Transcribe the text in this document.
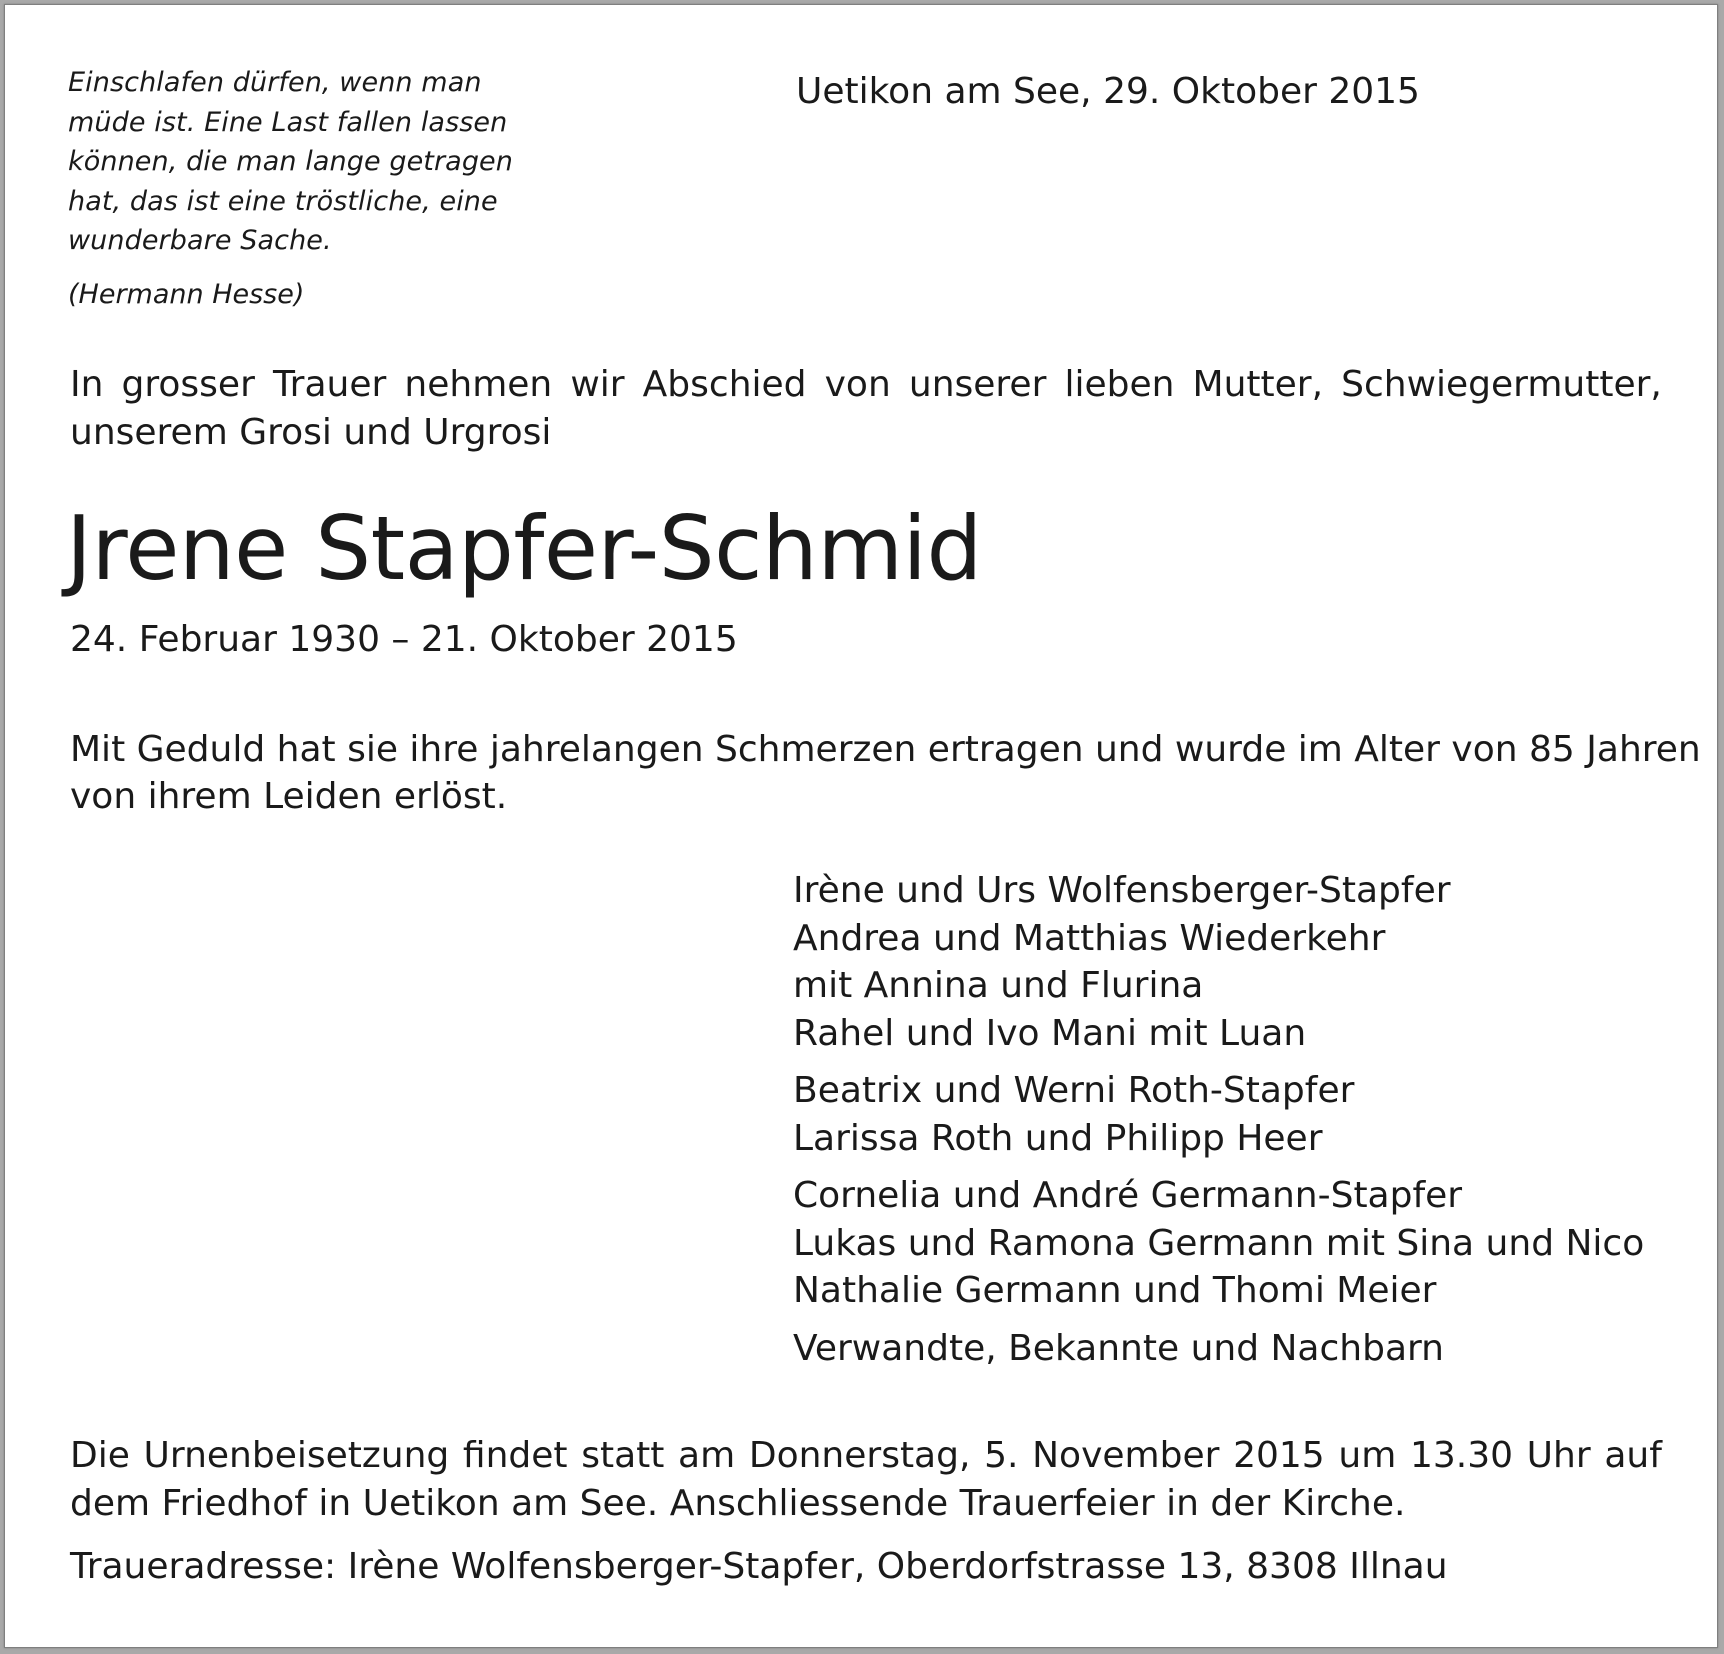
Einschlafen dürfen, wenn man
müde ist. Eine Last fallen lassen
können, die man lange getragen
hat, das ist eine tröstliche, eine
wunderbare Sache.
(Hermann Hesse)
Uetikon am See, 29. Oktober 2015
In grosser Trauer nehmen wir Abschied von unserer lieben Mutter, Schwiegermutter,
unserem Grosi und Urgrosi
Jrene Stapfer-Schmid
24. Februar 1930 – 21. Oktober 2015
Mit Geduld hat sie ihre jahrelangen Schmerzen ertragen und wurde im Alter von 85 Jahren
von ihrem Leiden erlöst.
Irène und Urs Wolfensberger-Stapfer
Andrea und Matthias Wiederkehr
mit Annina und Flurina
Rahel und Ivo Mani mit Luan
Beatrix und Werni Roth-Stapfer
Larissa Roth und Philipp Heer
Cornelia und André Germann-Stapfer
Lukas und Ramona Germann mit Sina und Nico
Nathalie Germann und Thomi Meier
Verwandte, Bekannte und Nachbarn
Die Urnenbeisetzung findet statt am Donnerstag, 5. November 2015 um 13.30 Uhr auf
dem Friedhof in Uetikon am See. Anschliessende Trauerfeier in der Kirche.
Traueradresse: Irène Wolfensberger-Stapfer, Oberdorfstrasse 13, 8308 Illnau
